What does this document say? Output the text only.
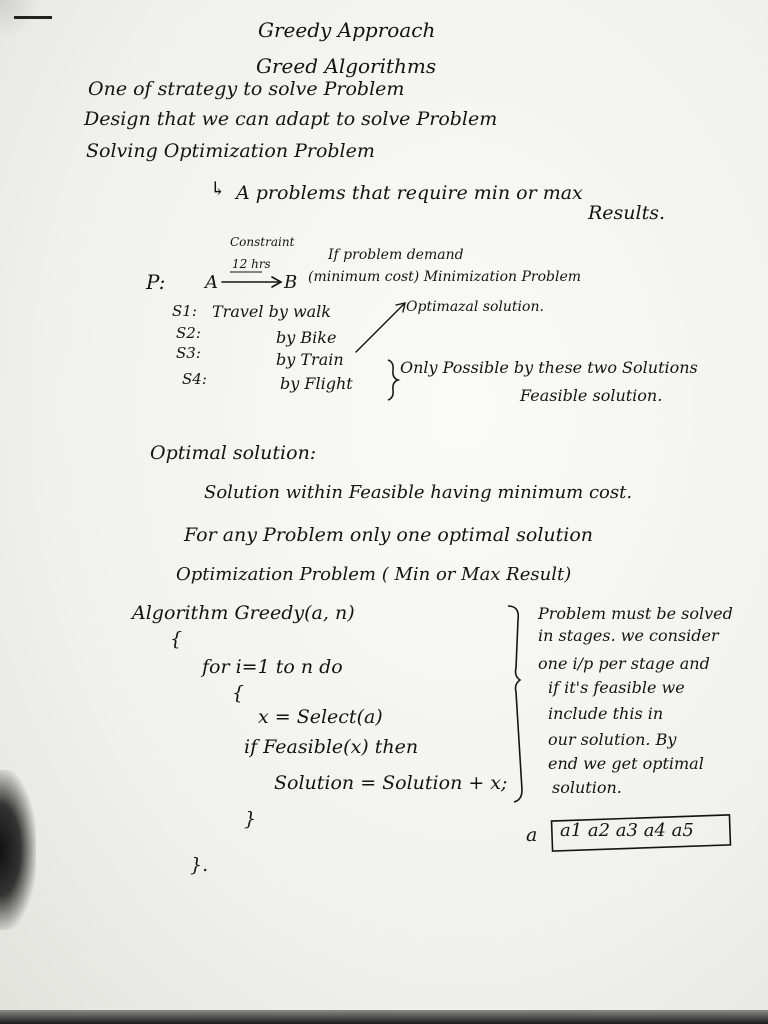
Greedy Approach
Greed Algorithms
One of strategy to solve Problem
Design that we can adapt to solve Problem
Solving Optimization Problem
↳ A problems that require min or max
Results.
Constraint
12 hrs
If problem demand
P: A	B (minimum cost) Minimization Problem
Optimazal solution.
S1: Travel by walk
S2:	by Bike
S3:	by Train
S4:	by Flight
Only Possible by these two Solutions
Feasible solution.
Optimal solution:
Solution within Feasible having minimum cost.
For any Problem only one optimal solution
Optimization Problem ( Min or Max Result)
Algorithm Greedy(a, n)
{
for i=1 to n do
{
x = Select(a)
if Feasible(x) then
Solution = Solution + x;
}
}.
Problem must be solved
in stages. we consider
one i/p per stage and
if it's feasible we
include this in
our solution. By
end we get optimal
solution.
a a1 a2 a3 a4 a5
